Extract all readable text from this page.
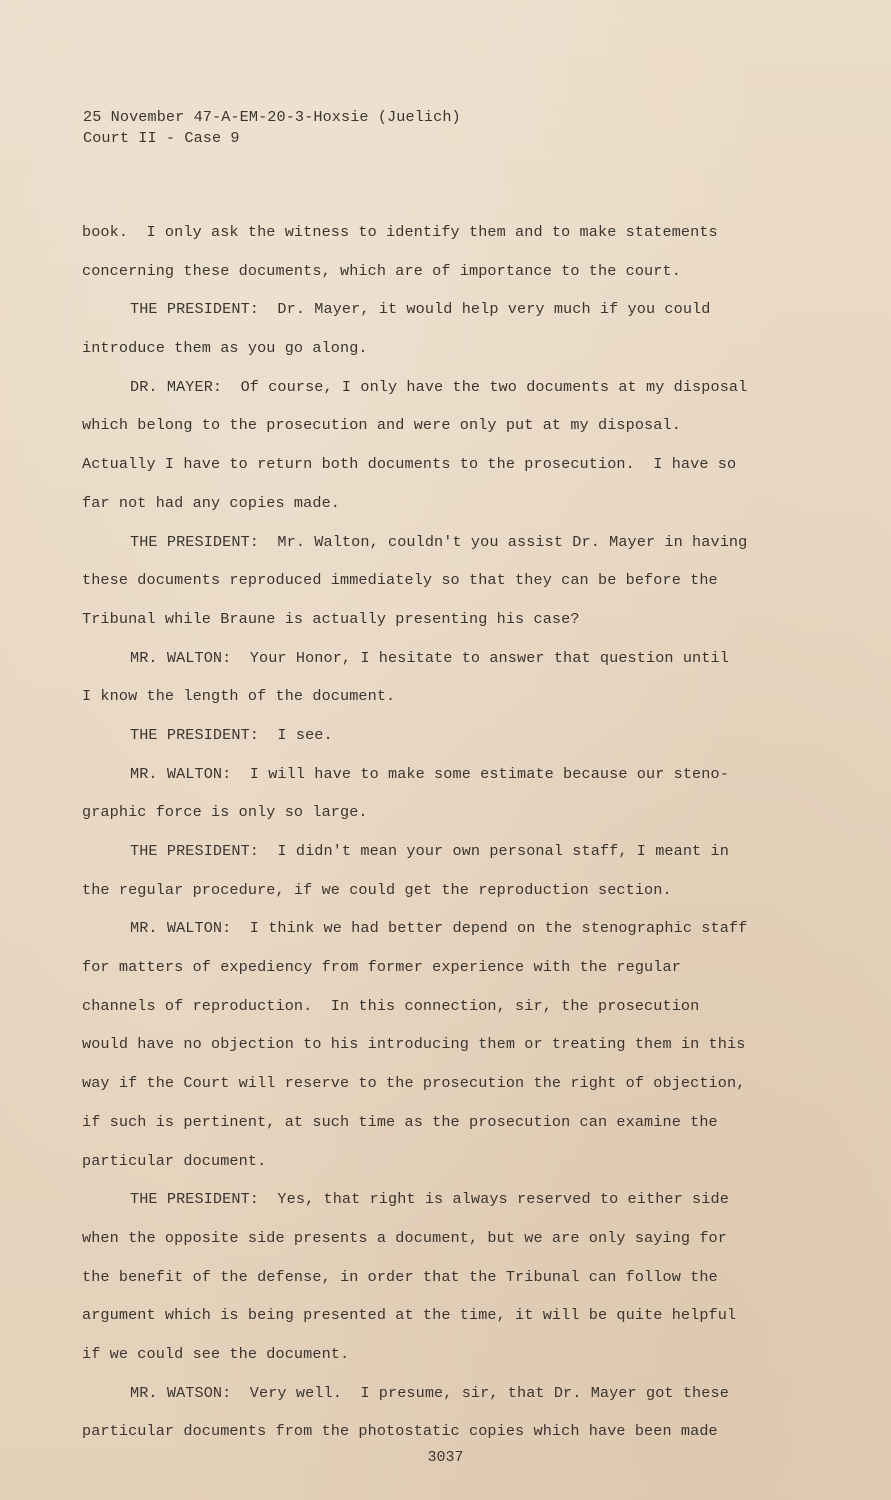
25 November 47-A-EM-20-3-Hoxsie (Juelich)
Court II - Case 9
book.  I only ask the witness to identify them and to make statements
concerning these documents, which are of importance to the court.
THE PRESIDENT:  Dr. Mayer, it would help very much if you could
introduce them as you go along.
DR. MAYER:  Of course, I only have the two documents at my disposal
which belong to the prosecution and were only put at my disposal.
Actually I have to return both documents to the prosecution.  I have so
far not had any copies made.
THE PRESIDENT:  Mr. Walton, couldn't you assist Dr. Mayer in having
these documents reproduced immediately so that they can be before the
Tribunal while Braune is actually presenting his case?
MR. WALTON:  Your Honor, I hesitate to answer that question until
I know the length of the document.
THE PRESIDENT:  I see.
MR. WALTON:  I will have to make some estimate because our steno-
graphic force is only so large.
THE PRESIDENT:  I didn't mean your own personal staff, I meant in
the regular procedure, if we could get the reproduction section.
MR. WALTON:  I think we had better depend on the stenographic staff
for matters of expediency from former experience with the regular
channels of reproduction.  In this connection, sir, the prosecution
would have no objection to his introducing them or treating them in this
way if the Court will reserve to the prosecution the right of objection,
if such is pertinent, at such time as the prosecution can examine the
particular document.
THE PRESIDENT:  Yes, that right is always reserved to either side
when the opposite side presents a document, but we are only saying for
the benefit of the defense, in order that the Tribunal can follow the
argument which is being presented at the time, it will be quite helpful
if we could see the document.
MR. WATSON:  Very well.  I presume, sir, that Dr. Mayer got these
particular documents from the photostatic copies which have been made
3037
